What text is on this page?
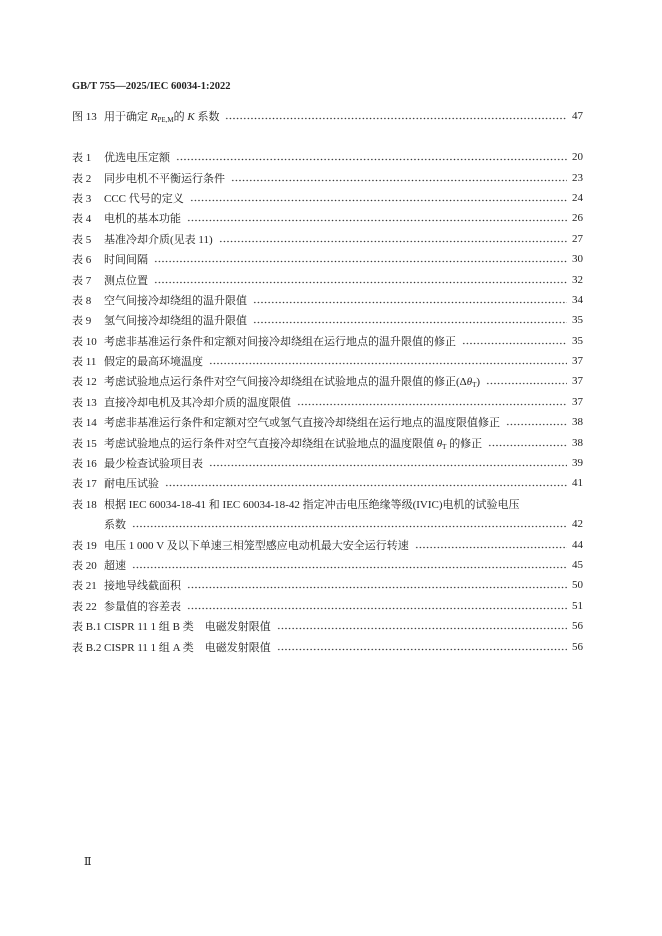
GB/T 755—2025/IEC 60034-1:2022
图 13 用于确定 $R_{PE,M}$的 K 系数	47
表 1	优选电压定额	20
表 2	同步电机不平衡运行条件	23
表 3	CCC 代号的定义	24
表 4	电机的基本功能	26
表 5	基准冷却介质(见表 11)	27
表 6	时间间隔	30
表 7	测点位置	32
表 8	空气间接冷却绕组的温升限值	34
表 9	氢气间接冷却绕组的温升限值	35
表 10 考虑非基准运行条件和定额对间接冷却绕组在运行地点的温升限值的修正	35
表 11 假定的最高环境温度	37
表 12 考虑试验地点运行条件对空气间接冷却绕组在试验地点的温升限值的修正$(\Delta\theta_T)$	37
表 13 直接冷却电机及其冷却介质的温度限值	37
表 14 考虑非基准运行条件和定额对空气或氢气直接冷却绕组在运行地点的温度限值修正	38
表 15 考虑试验地点的运行条件对空气直接冷却绕组在试验地点的温度限值 $\theta_T$ 的修正	38
表 16 最少检查试验项目表	39
表 17 耐电压试验	41
表 18 根据 IEC 60034-18-41 和 IEC 60034-18-42 指定冲击电压绝缘等级(IVIC)电机的试验电压
系数	42
表 19 电压 1 000 V 及以下单速三相笼型感应电动机最大安全运行转速	44
表 20 超速	45
表 21 接地导线截面积	50
表 22 参量值的容差表	51
表 B.1 CISPR 11 1 组 B 类　电磁发射限值	56
表 B.2 CISPR 11 1 组 A 类　电磁发射限值	56
Ⅱ
